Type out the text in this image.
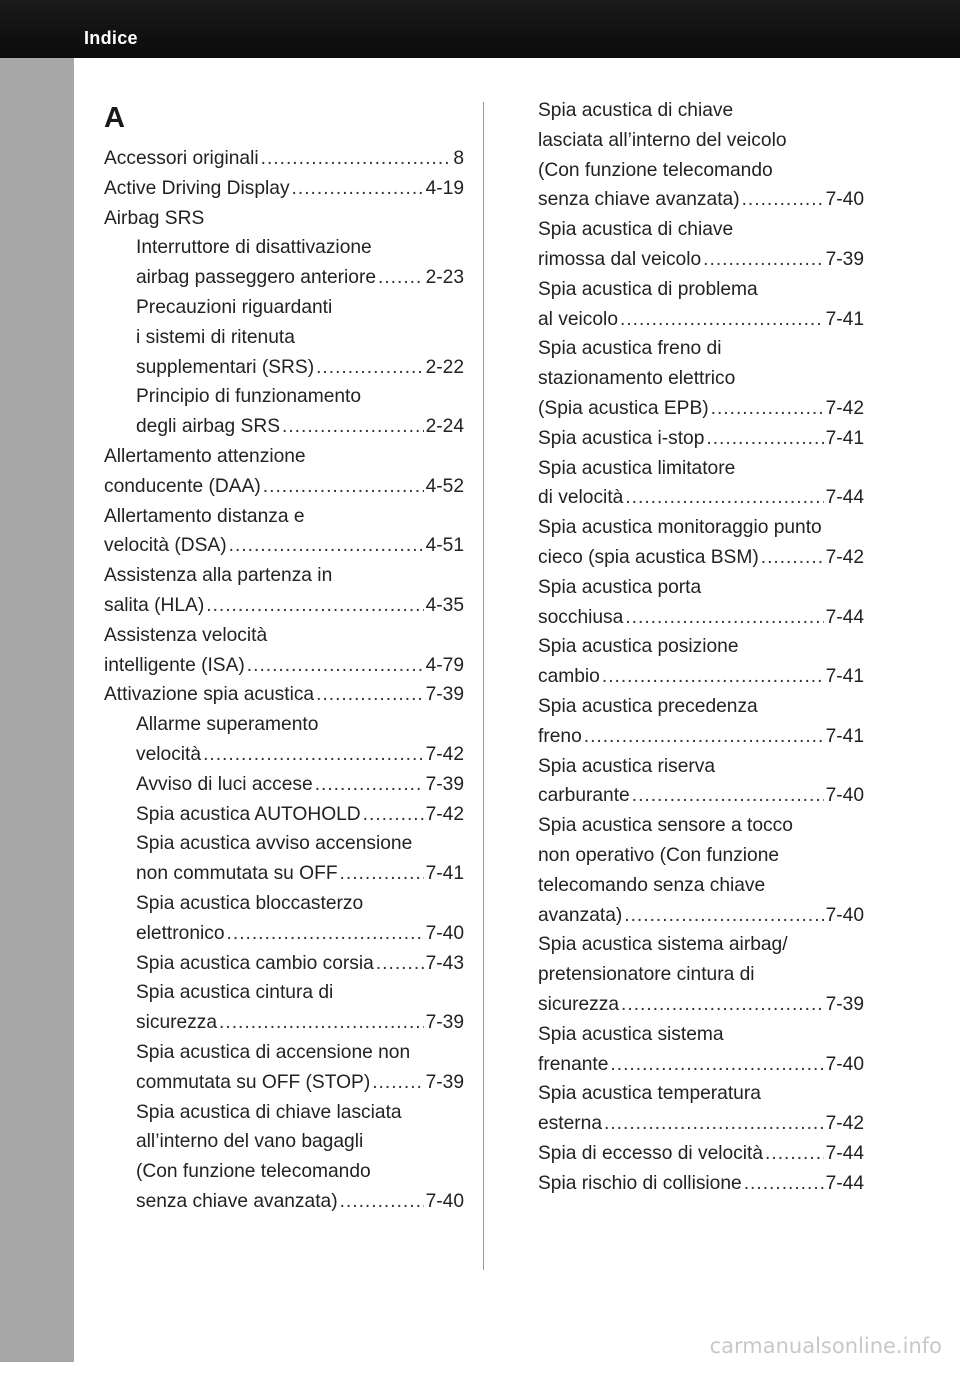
Indice
11-2
A
Accessori originali .....	8
Active Driving Display .....	4-19
Airbag SRS
Interruttore di disattivazione
airbag passeggero anteriore .....	2-23
Precauzioni riguardanti
i sistemi di ritenuta
supplementari (SRS) .....	2-22
Principio di funzionamento
degli airbag SRS .....	2-24
Allertamento attenzione
conducente (DAA) .....	4-52
Allertamento distanza e
velocità (DSA) .....	4-51
Assistenza alla partenza in
salita (HLA) .....	4-35
Assistenza velocità
intelligente (ISA) .....	4-79
Attivazione spia acustica .....	7-39
Allarme superamento
velocità .....	7-42
Avviso di luci accese .....	7-39
Spia acustica AUTOHOLD .....	7-42
Spia acustica avviso accensione
non commutata su OFF .....	7-41
Spia acustica bloccasterzo
elettronico .....	7-40
Spia acustica cambio corsia .....	7-43
Spia acustica cintura di
sicurezza .....	7-39
Spia acustica di accensione non
commutata su OFF (STOP) .....	7-39
Spia acustica di chiave lasciata
all’interno del vano bagagli
(Con funzione telecomando
senza chiave avanzata) .....	7-40
Spia acustica di chiave
lasciata all’interno del veicolo
(Con funzione telecomando
senza chiave avanzata) .....	7-40
Spia acustica di chiave
rimossa dal veicolo .....	7-39
Spia acustica di problema
al veicolo .....	7-41
Spia acustica freno di
stazionamento elettrico
(Spia acustica EPB) .....	7-42
Spia acustica i-stop .....	7-41
Spia acustica limitatore
di velocità .....	7-44
Spia acustica monitoraggio punto
cieco (spia acustica BSM) .....	7-42
Spia acustica porta
socchiusa .....	7-44
Spia acustica posizione
cambio .....	7-41
Spia acustica precedenza
freno .....	7-41
Spia acustica riserva
carburante .....	7-40
Spia acustica sensore a tocco
non operativo (Con funzione
telecomando senza chiave
avanzata) .....	7-40
Spia acustica sistema airbag/
pretensionatore cintura di
sicurezza .....	7-39
Spia acustica sistema
frenante .....	7-40
Spia acustica temperatura
esterna .....	7-42
Spia di eccesso di velocità .....	7-44
Spia rischio di collisione .....	7-44
carmanualsonline.info
